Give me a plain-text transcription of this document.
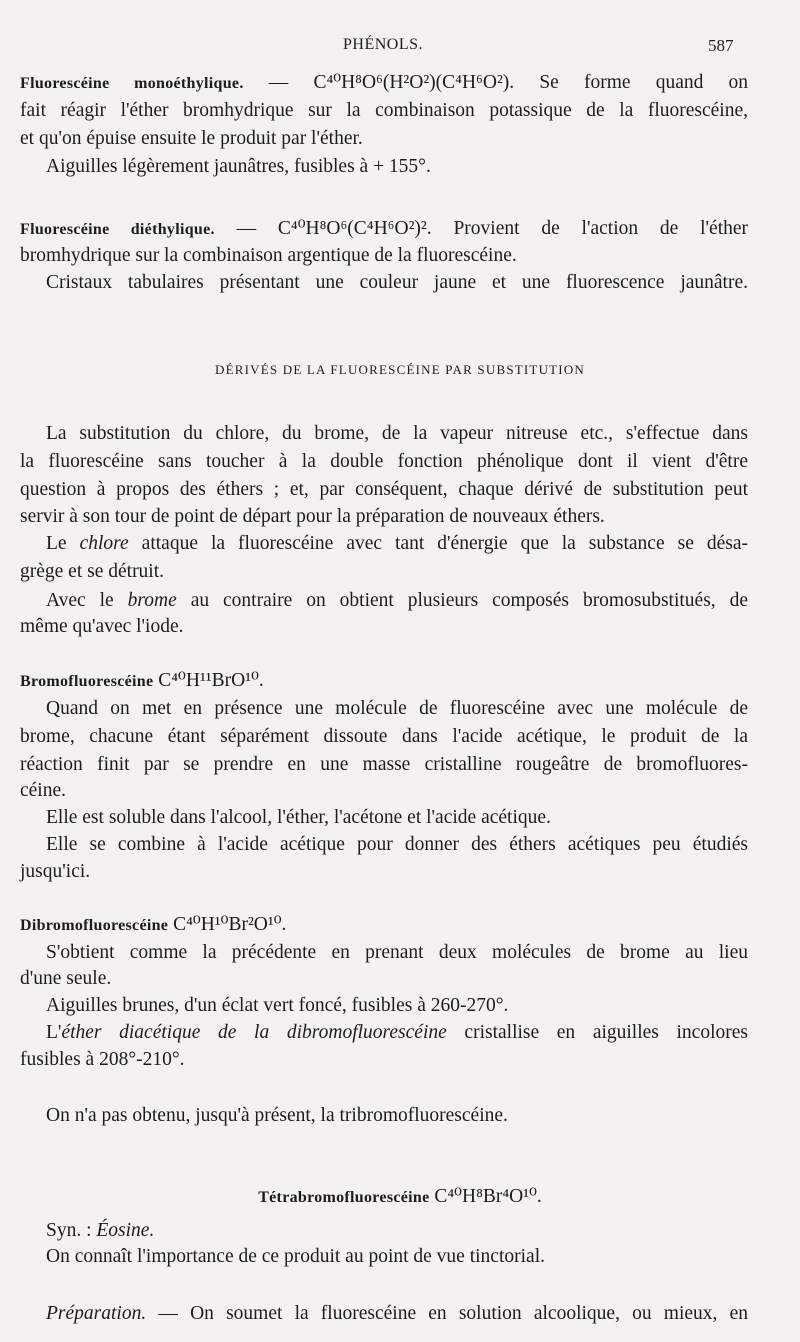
PHÉNOLS.	587
Fluorescéine monoéthylique. — C⁴⁰H⁸O⁶(H²O²)(C⁴H⁶O²). Se forme quand on
fait réagir l'éther bromhydrique sur la combinaison potassique de la fluorescéine,
et qu'on épuise ensuite le produit par l'éther.
Aiguilles légèrement jaunâtres, fusibles à + 155°.
Fluorescéine diéthylique. — C⁴⁰H⁸O⁶(C⁴H⁶O²)². Provient de l'action de l'éther
bromhydrique sur la combinaison argentique de la fluorescéine.
Cristaux tabulaires présentant une couleur jaune et une fluorescence jaunâtre.
DÉRIVÉS DE LA FLUORESCÉINE PAR SUBSTITUTION
La substitution du chlore, du brome, de la vapeur nitreuse etc., s'effectue dans
la fluorescéine sans toucher à la double fonction phénolique dont il vient d'être
question à propos des éthers ; et, par conséquent, chaque dérivé de substitution peut
servir à son tour de point de départ pour la préparation de nouveaux éthers.
Le chlore attaque la fluorescéine avec tant d'énergie que la substance se désa-
grège et se détruit.
Avec le brome au contraire on obtient plusieurs composés bromosubstitués, de
même qu'avec l'iode.
Bromofluorescéine C⁴⁰H¹¹BrO¹⁰.
Quand on met en présence une molécule de fluorescéine avec une molécule de
brome, chacune étant séparément dissoute dans l'acide acétique, le produit de la
réaction finit par se prendre en une masse cristalline rougeâtre de bromofluores-
céine.
Elle est soluble dans l'alcool, l'éther, l'acétone et l'acide acétique.
Elle se combine à l'acide acétique pour donner des éthers acétiques peu étudiés
jusqu'ici.
Dibromofluorescéine C⁴⁰H¹⁰Br²O¹⁰.
S'obtient comme la précédente en prenant deux molécules de brome au lieu
d'une seule.
Aiguilles brunes, d'un éclat vert foncé, fusibles à 260-270°.
L'éther diacétique de la dibromofluorescéine cristallise en aiguilles incolores
fusibles à 208°-210°.
On n'a pas obtenu, jusqu'à présent, la tribromofluorescéine.
Tétrabromofluorescéine C⁴⁰H⁸Br⁴O¹⁰.
Syn. : Éosine.
On connaît l'importance de ce produit au point de vue tinctorial.
Préparation. — On soumet la fluorescéine en solution alcoolique, ou mieux, en
